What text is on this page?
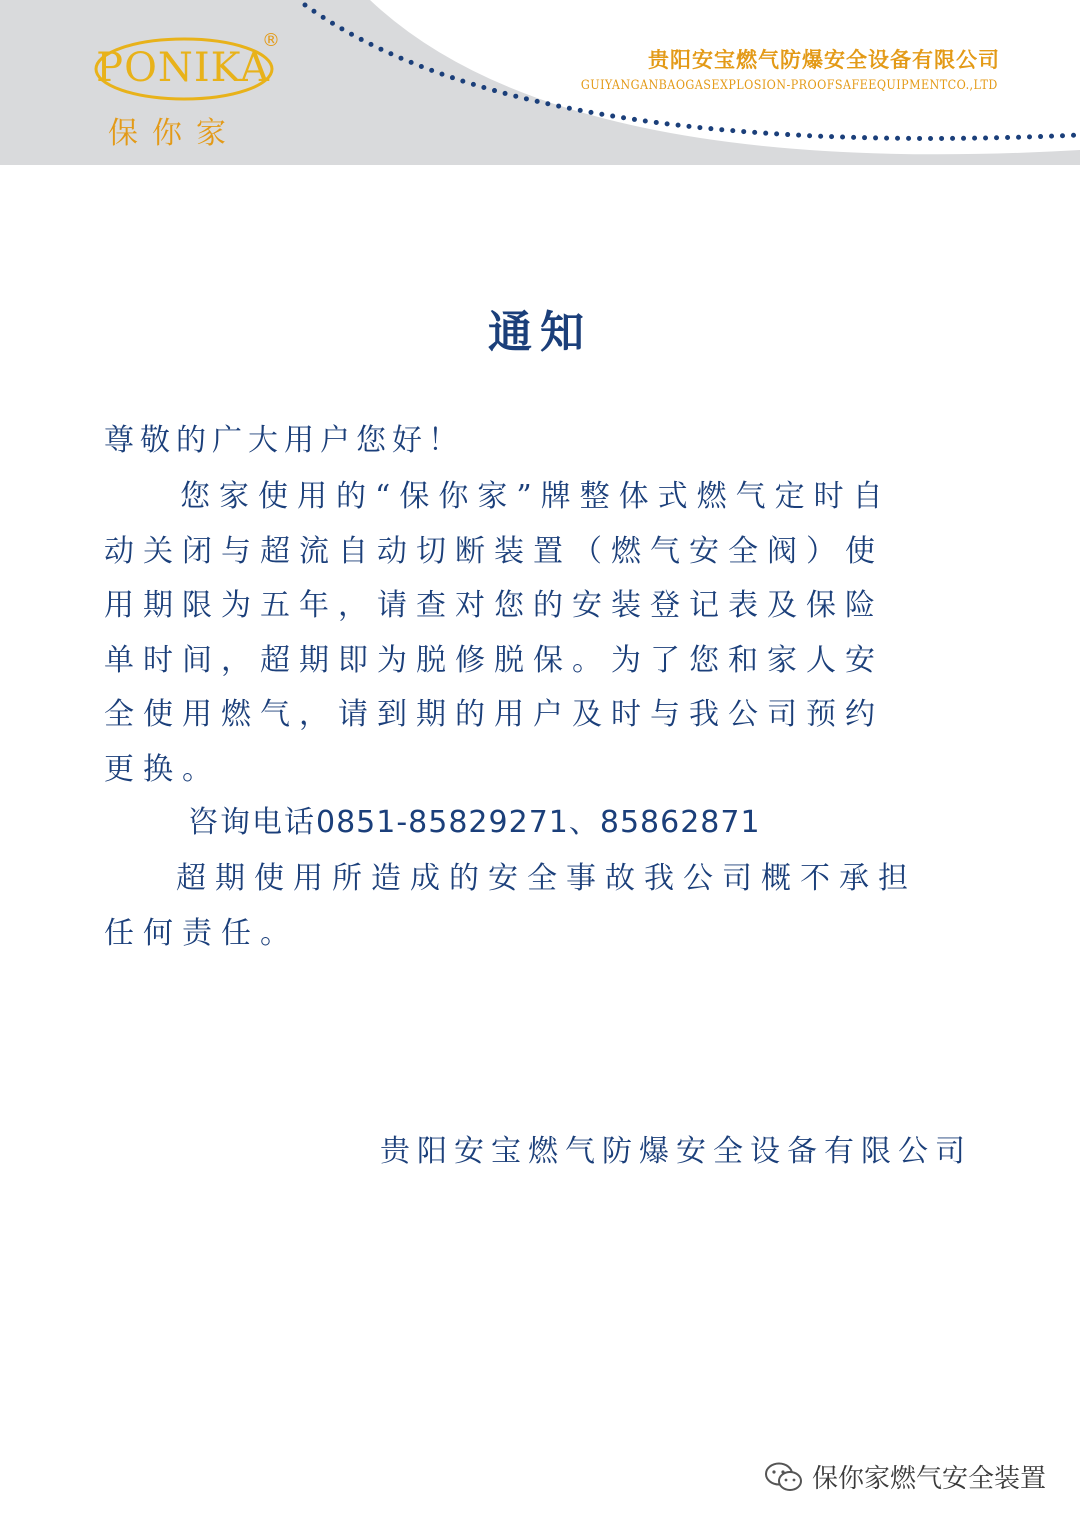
PONIKA
®
保你家
贵阳安宝燃气防爆安全设备有限公司
GUIYANGANBAOGASEXPLOSION-PROOFSAFEEQUIPMENTCO.,LTD
通知
尊敬的广大用户您好！
您家使用的“保你家”牌整体式燃气定时自
动关闭与超流自动切断装置（燃气安全阀）使
用期限为五年，请查对您的安装登记表及保险
单时间，超期即为脱修脱保。为了您和家人安
全使用燃气，请到期的用户及时与我公司预约
更换。
咨询电话0851-85829271、85862871
超期使用所造成的安全事故我公司概不承担
任何责任。
贵阳安宝燃气防爆安全设备有限公司
保你家燃气安全装置
